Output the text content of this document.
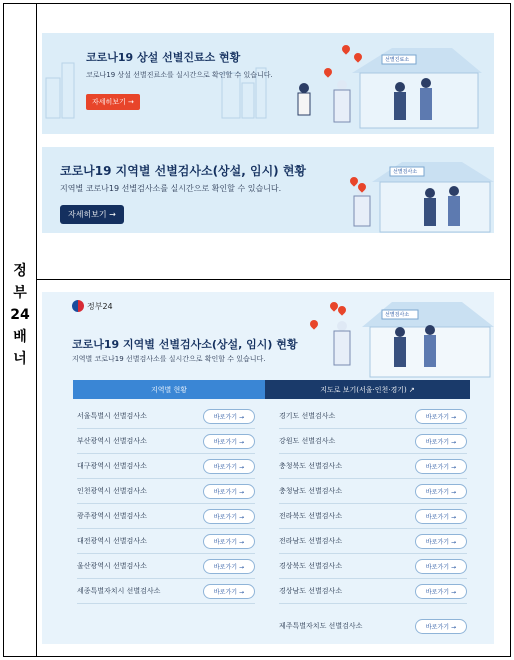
정
부
24
배
너
코로나19 상설 선별진료소 현황
코로나19 상설 선별진료소를 실시간으로 확인할 수 있습니다.
자세히보기 →
선별진료소
코로나19 지역별 선별검사소(상설, 임시) 현황
지역별 코로나19 선별검사소를 실시간으로 확인할 수 있습니다.
자세히보기 →
선별검사소
정부24
코로나19 지역별 선별검사소(상설, 임시) 현황
지역별 코로나19 선별검사소를 실시간으로 확인할 수 있습니다.
선별검사소
지역별 현황	지도로 보기(서울·인천·경기) ↗
서울특별시 선별검사소	바로가기 →
부산광역시 선별검사소	바로가기 →
대구광역시 선별검사소	바로가기 →
인천광역시 선별검사소	바로가기 →
광주광역시 선별검사소	바로가기 →
대전광역시 선별검사소	바로가기 →
울산광역시 선별검사소	바로가기 →
세종특별자치시 선별검사소	바로가기 →
경기도 선별검사소	바로가기 →
강원도 선별검사소	바로가기 →
충청북도 선별검사소	바로가기 →
충청남도 선별검사소	바로가기 →
전라북도 선별검사소	바로가기 →
전라남도 선별검사소	바로가기 →
경상북도 선별검사소	바로가기 →
경상남도 선별검사소	바로가기 →
제주특별자치도 선별검사소	바로가기 →
